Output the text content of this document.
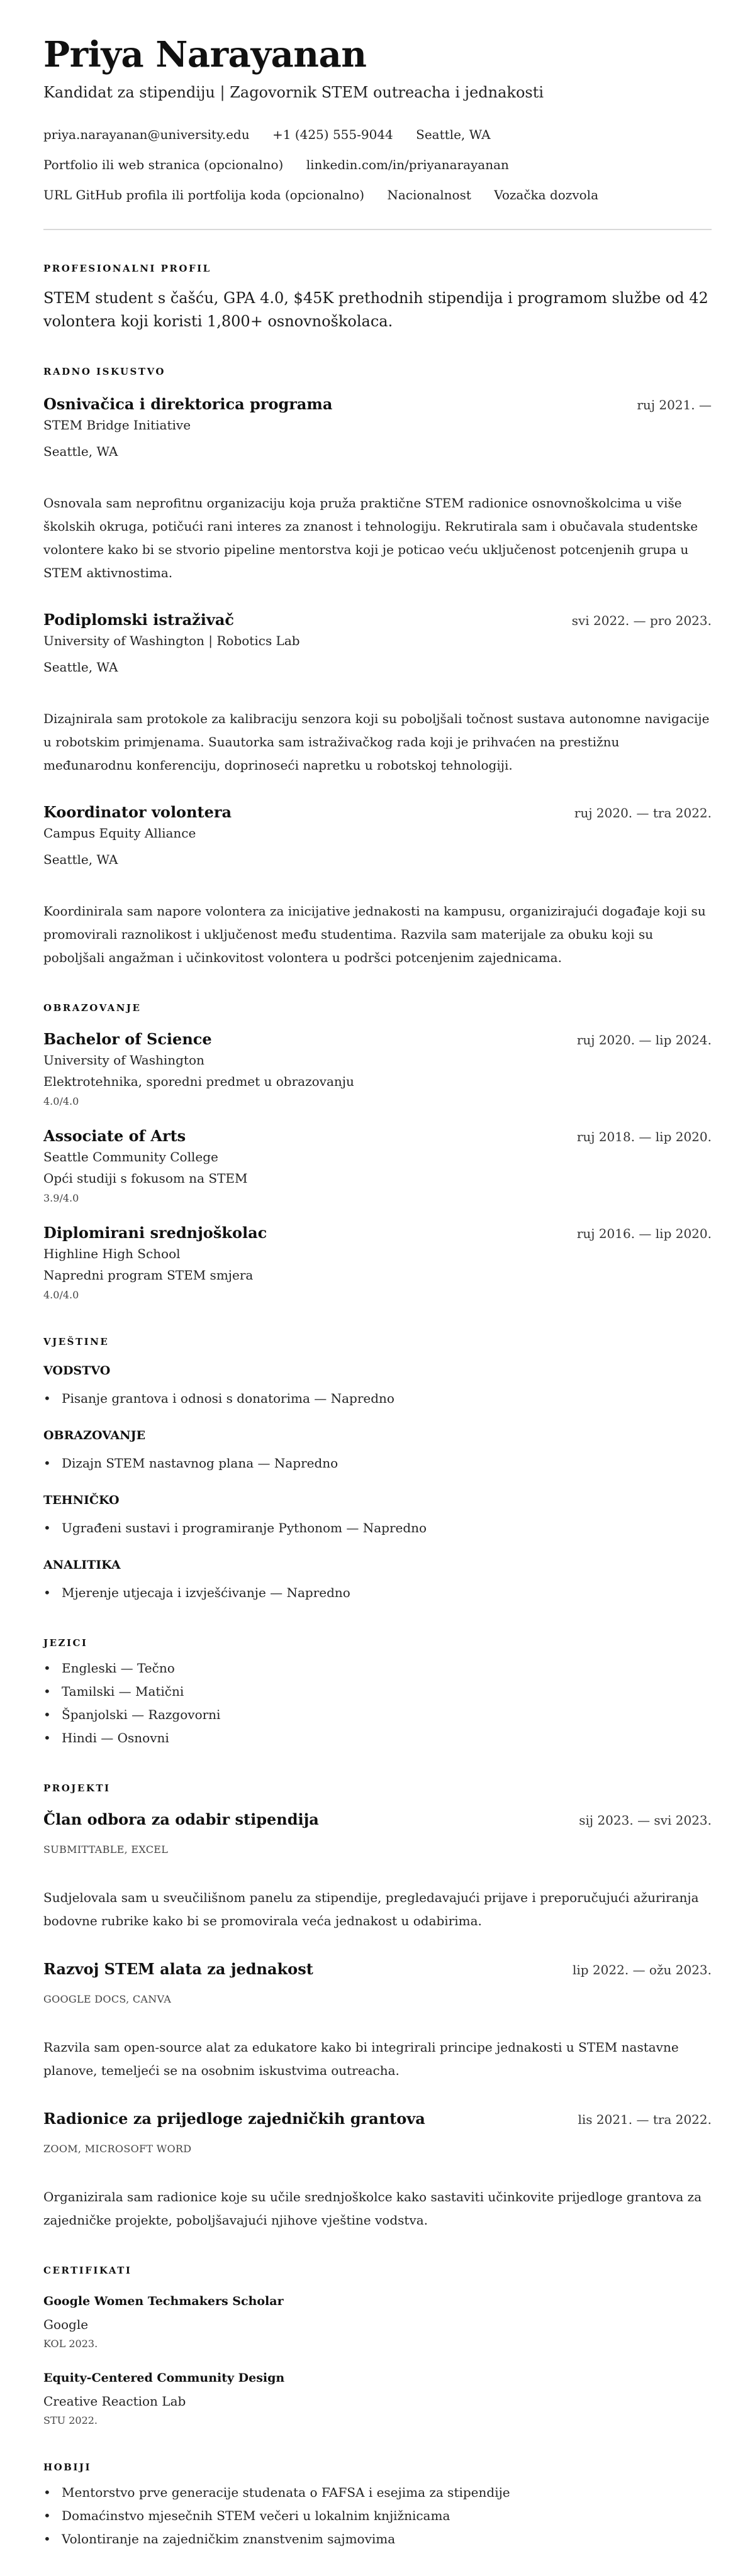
Priya Narayanan
Kandidat za stipendiju | Zagovornik STEM outreacha i jednakosti
priya.narayanan@university.edu +1 (425) 555-9044 Seattle, WA
Portfolio ili web stranica (opcionalno) linkedin.com/in/priyanarayanan
URL GitHub profila ili portfolija koda (opcionalno) Nacionalnost Vozačka dozvola
PROFESIONALNI PROFIL
STEM student s čašću, GPA 4.0, $45K prethodnih stipendija i programom službe od 42 volontera koji koristi 1,800+ osnovnoškolaca.
RADNO ISKUSTVO
Osnivačica i direktorica programa	ruj 2021. —
STEM Bridge Initiative
Seattle, WA
Osnovala sam neprofitnu organizaciju koja pruža praktične STEM radionice osnovnoškolcima u više školskih okruga, potičući rani interes za znanost i tehnologiju. Rekrutirala sam i obučavala studentske volontere kako bi se stvorio pipeline mentorstva koji je poticao veću uključenost potcenjenih grupa u STEM aktivnostima.
Podiplomski istraživač	svi 2022. — pro 2023.
University of Washington | Robotics Lab
Seattle, WA
Dizajnirala sam protokole za kalibraciju senzora koji su poboljšali točnost sustava autonomne navigacije u robotskim primjenama. Suautorka sam istraživačkog rada koji je prihvaćen na prestižnu međunarodnu konferenciju, doprinoseći napretku u robotskoj tehnologiji.
Koordinator volontera	ruj 2020. — tra 2022.
Campus Equity Alliance
Seattle, WA
Koordinirala sam napore volontera za inicijative jednakosti na kampusu, organizirajući događaje koji su promovirali raznolikost i uključenost među studentima. Razvila sam materijale za obuku koji su poboljšali angažman i učinkovitost volontera u podršci potcenjenim zajednicama.
OBRAZOVANJE
Bachelor of Science	ruj 2020. — lip 2024.
University of Washington
Elektrotehnika, sporedni predmet u obrazovanju
4.0/4.0
Associate of Arts	ruj 2018. — lip 2020.
Seattle Community College
Opći studiji s fokusom na STEM
3.9/4.0
Diplomirani srednjoškolac	ruj 2016. — lip 2020.
Highline High School
Napredni program STEM smjera
4.0/4.0
VJEŠTINE
VODSTVO
• Pisanje grantova i odnosi s donatorima — Napredno
OBRAZOVANJE
• Dizajn STEM nastavnog plana — Napredno
TEHNIČKO
• Ugrađeni sustavi i programiranje Pythonom — Napredno
ANALITIKA
• Mjerenje utjecaja i izvješćivanje — Napredno
JEZICI
• Engleski — Tečno
• Tamilski — Matični
• Španjolski — Razgovorni
• Hindi — Osnovni
PROJEKTI
Član odbora za odabir stipendija	sij 2023. — svi 2023.
SUBMITTABLE, EXCEL
Sudjelovala sam u sveučilišnom panelu za stipendije, pregledavajući prijave i preporučujući ažuriranja bodovne rubrike kako bi se promovirala veća jednakost u odabirima.
Razvoj STEM alata za jednakost	lip 2022. — ožu 2023.
GOOGLE DOCS, CANVA
Razvila sam open-source alat za edukatore kako bi integrirali principe jednakosti u STEM nastavne planove, temeljeći se na osobnim iskustvima outreacha.
Radionice za prijedloge zajedničkih grantova	lis 2021. — tra 2022.
ZOOM, MICROSOFT WORD
Organizirala sam radionice koje su učile srednjoškolce kako sastaviti učinkovite prijedloge grantova za zajedničke projekte, poboljšavajući njihove vještine vodstva.
CERTIFIKATI
Google Women Techmakers Scholar
Google
KOL 2023.
Equity-Centered Community Design
Creative Reaction Lab
STU 2022.
HOBIJI
• Mentorstvo prve generacije studenata o FAFSA i esejima za stipendije
• Domaćinstvo mjesečnih STEM večeri u lokalnim knjižnicama
• Volontiranje na zajedničkim znanstvenim sajmovima
